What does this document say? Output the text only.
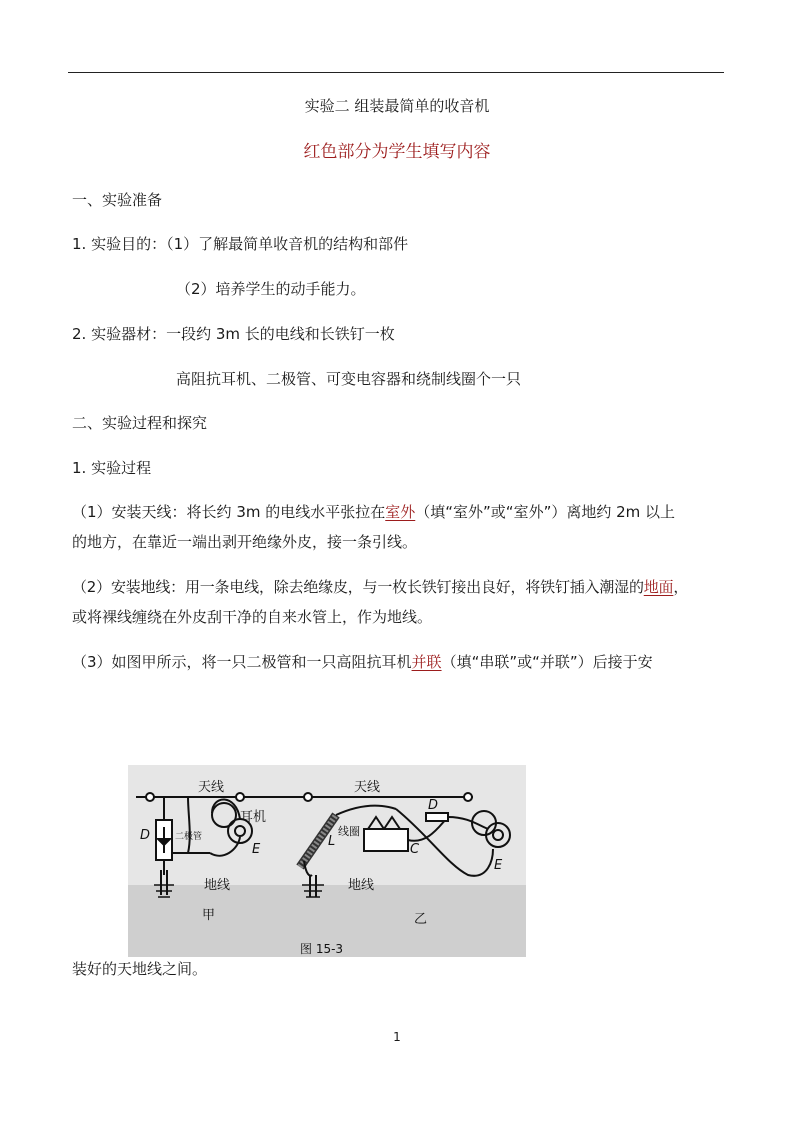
实验二 组装最简单的收音机
红色部分为学生填写内容
一、实验准备
1. 实验目的：（1）了解最简单收音机的结构和部件
（2）培养学生的动手能力。
2. 实验器材：一段约 3m 长的电线和长铁钉一枚
高阻抗耳机、二极管、可变电容器和绕制线圈个一只
二、实验过程和探究
1. 实验过程
（1）安装天线：将长约 3m 的电线水平张拉在室外（填“室外”或“室外”）离地约 2m 以上
的地方，在靠近一端出剥开绝缘外皮，接一条引线。
（2）安装地线：用一条电线，除去绝缘皮，与一枚长铁钉接出良好，将铁钉插入潮湿的地面，
或将裸线缠绕在外皮刮干净的自来水管上，作为地线。
（3）如图甲所示，将一只二极管和一只高阻抗耳机并联（填“串联”或“并联”）后接于安
天线	天线
耳机
D	二极管
E
地线
甲
线圈
L
D
C
E
地线
乙
图 15-3
装好的天地线之间。
1
